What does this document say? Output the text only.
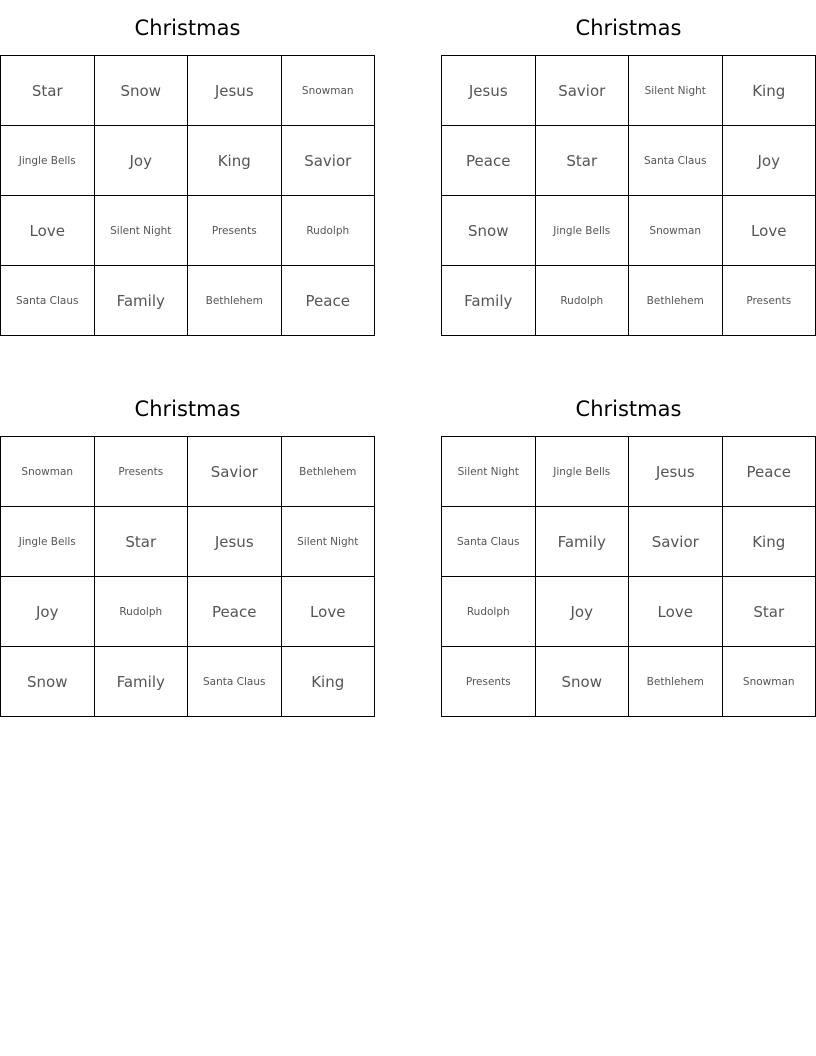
Christmas
Star	Snow	Jesus	Snowman
Jingle Bells	Joy	King	Savior
Love	Silent Night	Presents	Rudolph
Santa Claus	Family	Bethlehem	Peace
Christmas
Jesus	Savior	Silent Night	King
Peace	Star	Santa Claus	Joy
Snow	Jingle Bells	Snowman	Love
Family	Rudolph	Bethlehem	Presents
Christmas
Snowman	Presents	Savior	Bethlehem
Jingle Bells	Star	Jesus	Silent Night
Joy	Rudolph	Peace	Love
Snow	Family	Santa Claus	King
Christmas
Silent Night	Jingle Bells	Jesus	Peace
Santa Claus	Family	Savior	King
Rudolph	Joy	Love	Star
Presents	Snow	Bethlehem	Snowman
